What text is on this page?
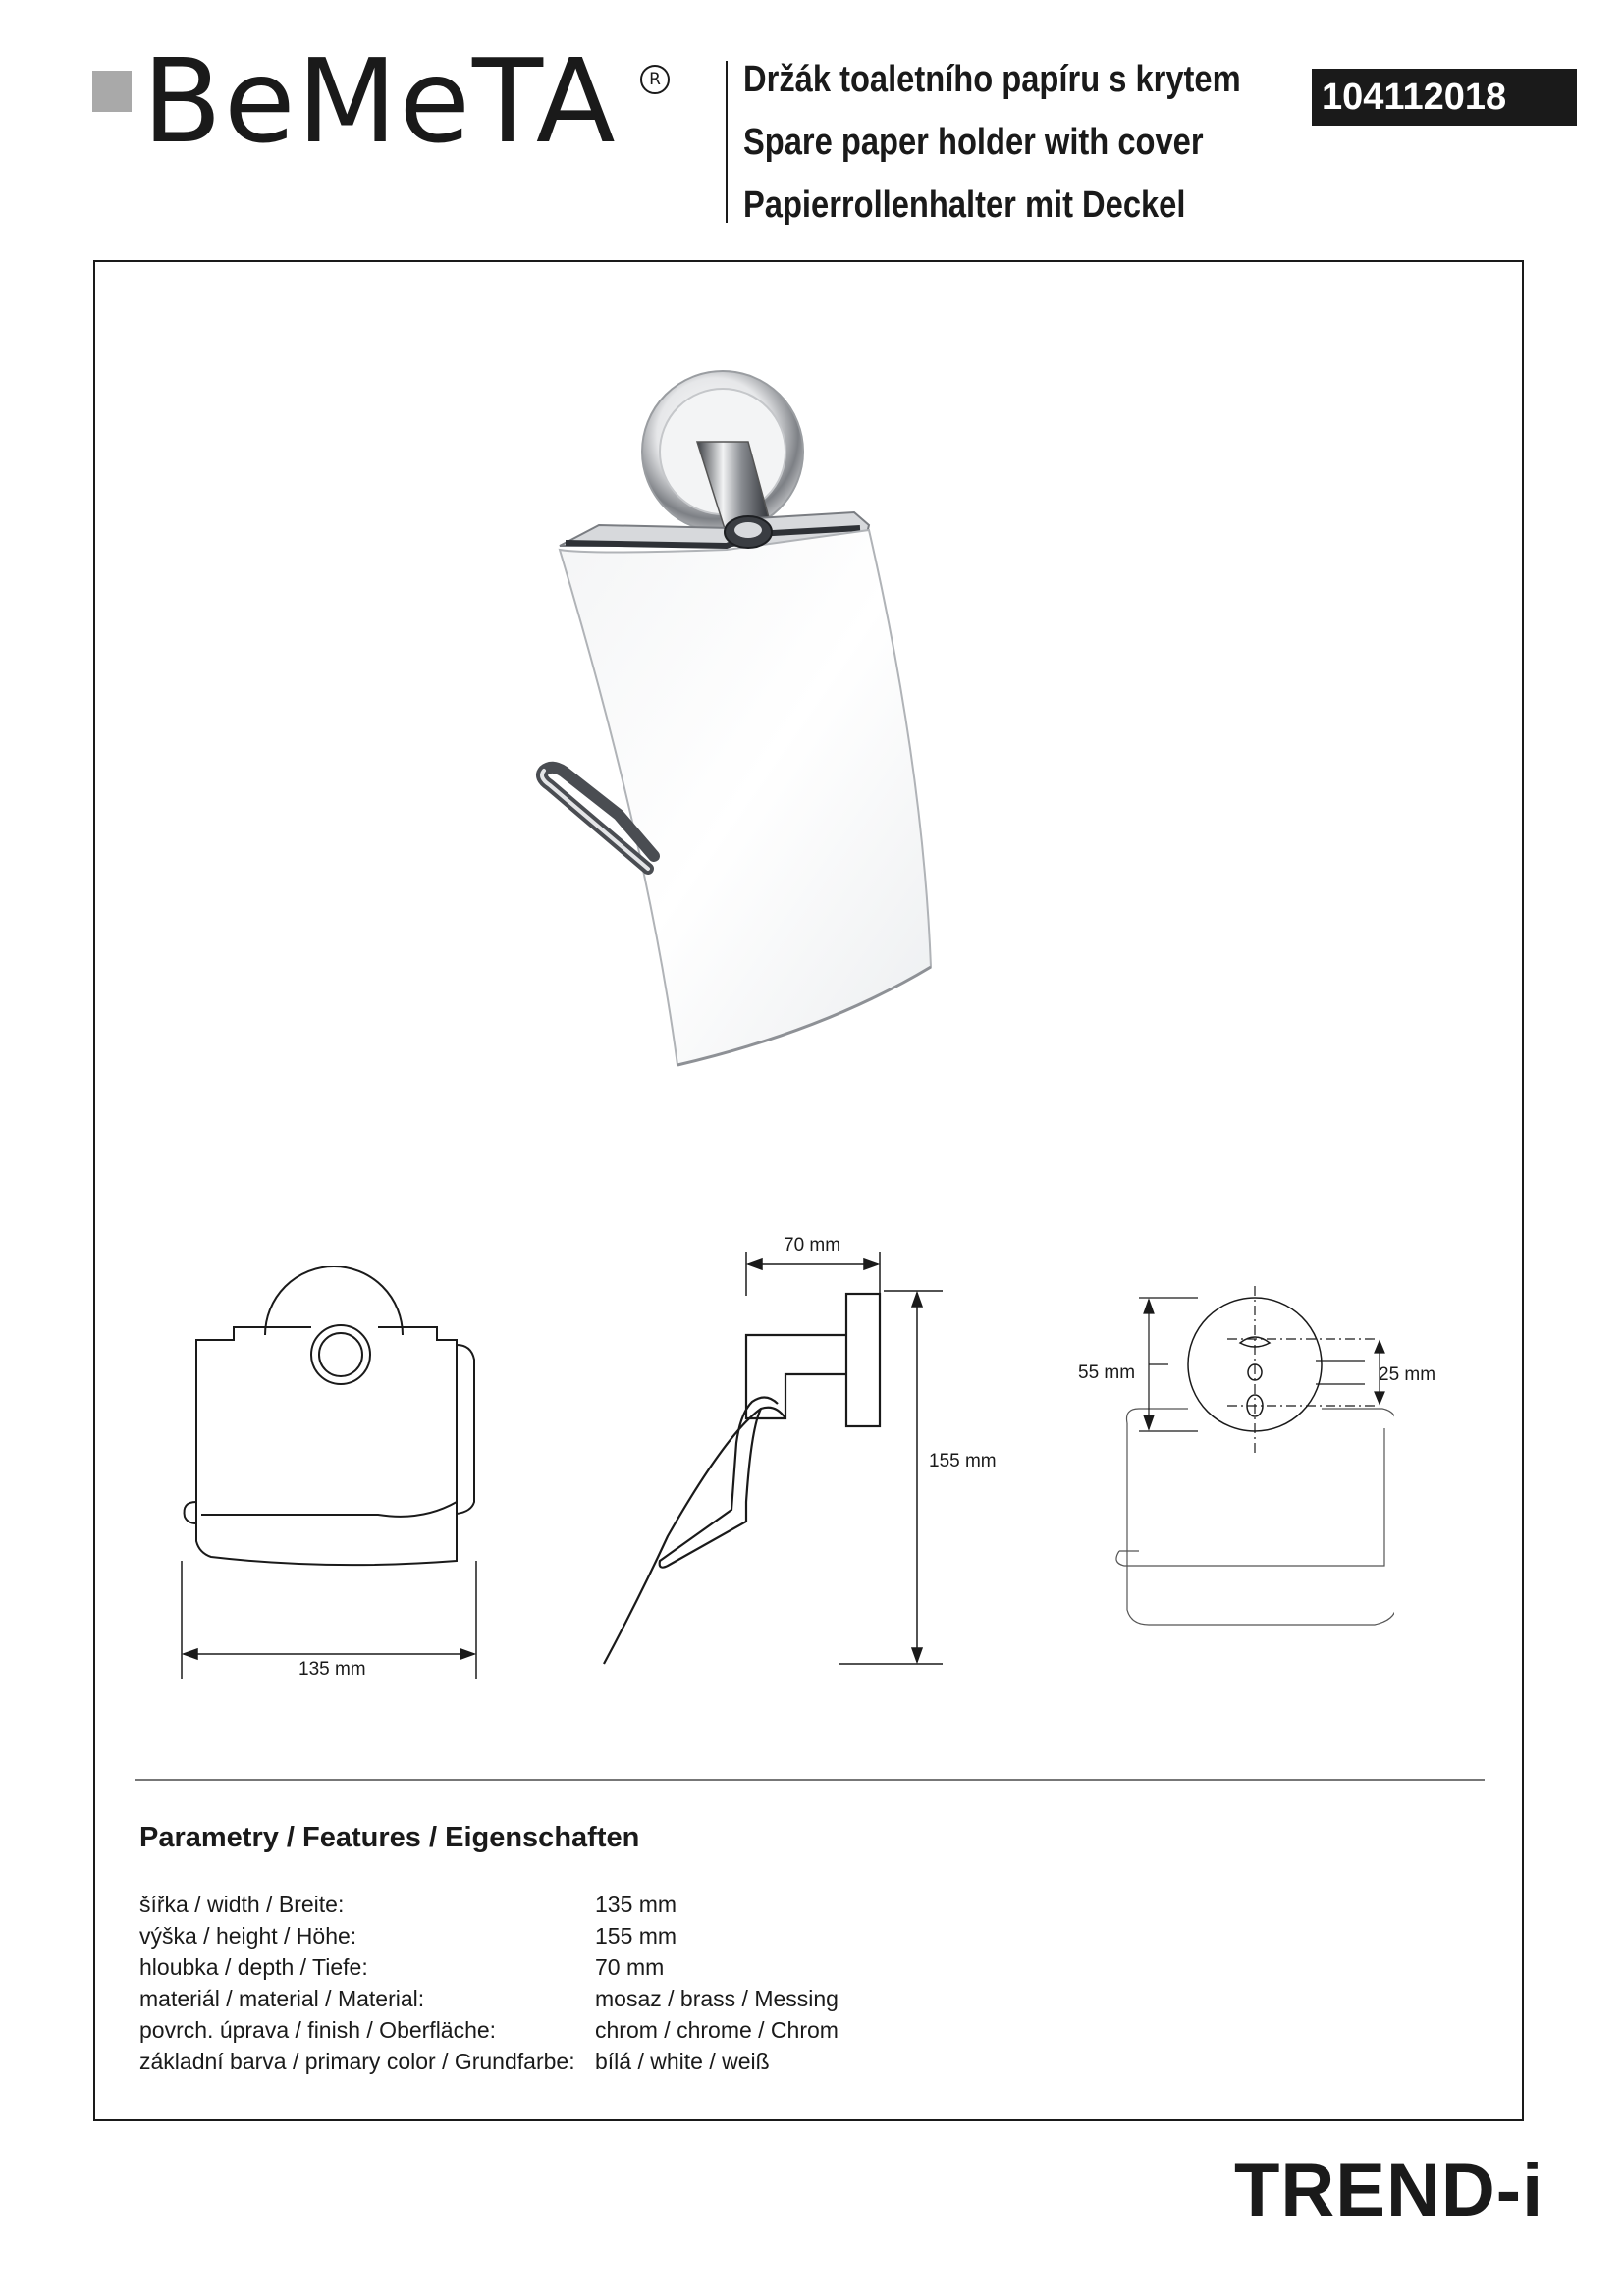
BeMeTA	R Držák toaletního papíru s krytem
Spare paper holder with cover
Papierrollenhalter mit Deckel
104112018
135 mm
70 mm
155 mm
55 mm	25 mm
Parametry / Features / Eigenschaften
šířka / width / Breite:	135 mm
výška / height / Höhe:	155 mm
hloubka / depth / Tiefe:	70 mm
materiál / material / Material:	mosaz / brass / Messing
povrch. úprava / finish / Oberfläche:	chrom / chrome / Chrom
základní barva / primary color / Grundfarbe: bílá / white / weiß
TREND-i
